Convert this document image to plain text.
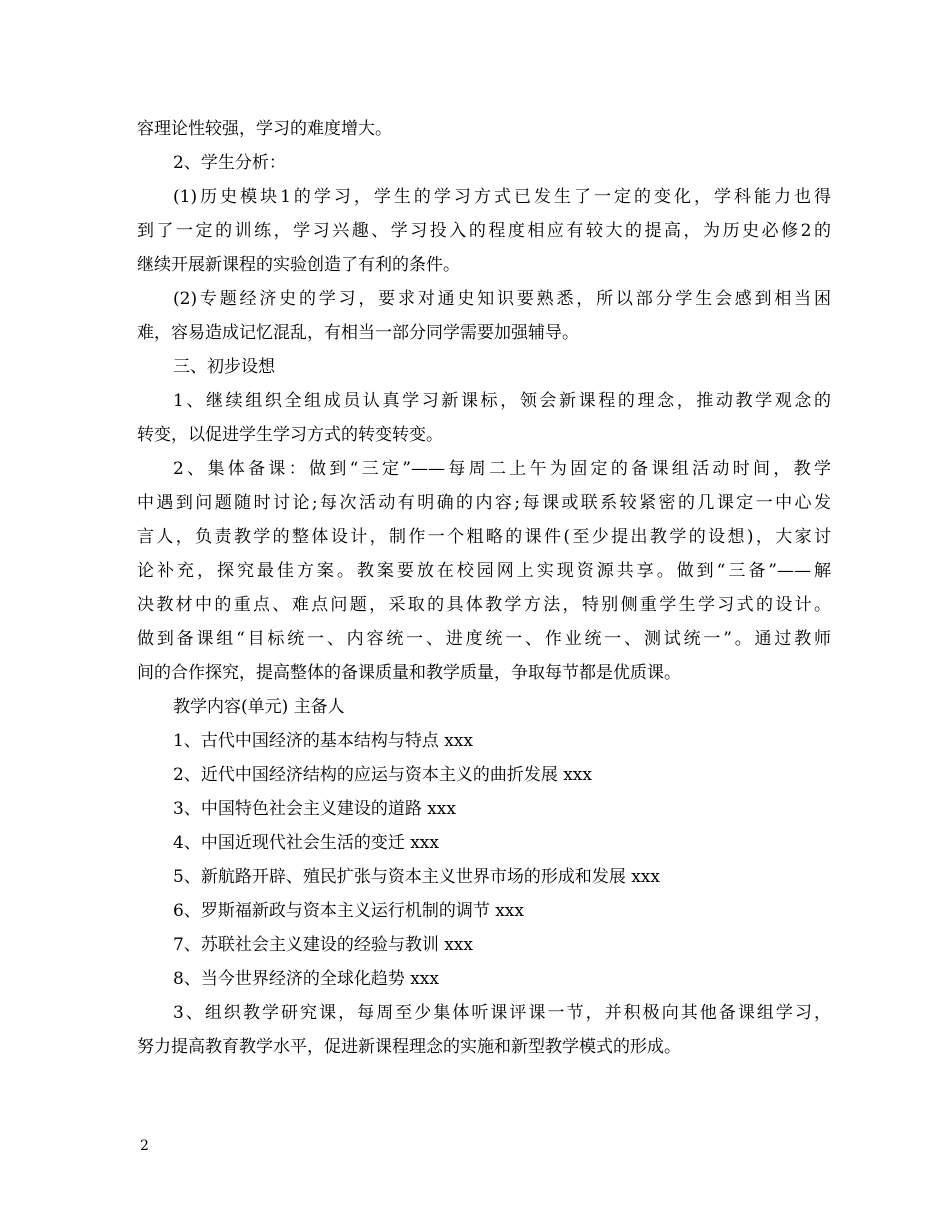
容理论性较强，学习的难度增大。
2、学生分析：
(1)历史模块1的学习，学生的学习方式已发生了一定的变化，学科能力也得
到了一定的训练，学习兴趣、学习投入的程度相应有较大的提高，为历史必修2的
继续开展新课程的实验创造了有利的条件。
(2)专题经济史的学习，要求对通史知识要熟悉，所以部分学生会感到相当困
难，容易造成记忆混乱，有相当一部分同学需要加强辅导。
三、初步设想
1、继续组织全组成员认真学习新课标，领会新课程的理念，推动教学观念的
转变，以促进学生学习方式的转变转变。
2、集体备课：做到“三定”——每周二上午为固定的备课组活动时间，教学
中遇到问题随时讨论;每次活动有明确的内容;每课或联系较紧密的几课定一中心发
言人，负责教学的整体设计，制作一个粗略的课件(至少提出教学的设想)，大家讨
论补充，探究最佳方案。教案要放在校园网上实现资源共享。做到“三备”——解
决教材中的重点、难点问题，采取的具体教学方法，特别侧重学生学习式的设计。
做到备课组“目标统一、内容统一、进度统一、作业统一、测试统一”。通过教师
间的合作探究，提高整体的备课质量和教学质量，争取每节都是优质课。
教学内容(单元) 主备人
1、古代中国经济的基本结构与特点 xxx
2、近代中国经济结构的应运与资本主义的曲折发展 xxx
3、中国特色社会主义建设的道路 xxx
4、中国近现代社会生活的变迁 xxx
5、新航路开辟、殖民扩张与资本主义世界市场的形成和发展 xxx
6、罗斯福新政与资本主义运行机制的调节 xxx
7、苏联社会主义建设的经验与教训 xxx
8、当今世界经济的全球化趋势 xxx
3、组织教学研究课，每周至少集体听课评课一节，并积极向其他备课组学习，
努力提高教育教学水平，促进新课程理念的实施和新型教学模式的形成。
2
